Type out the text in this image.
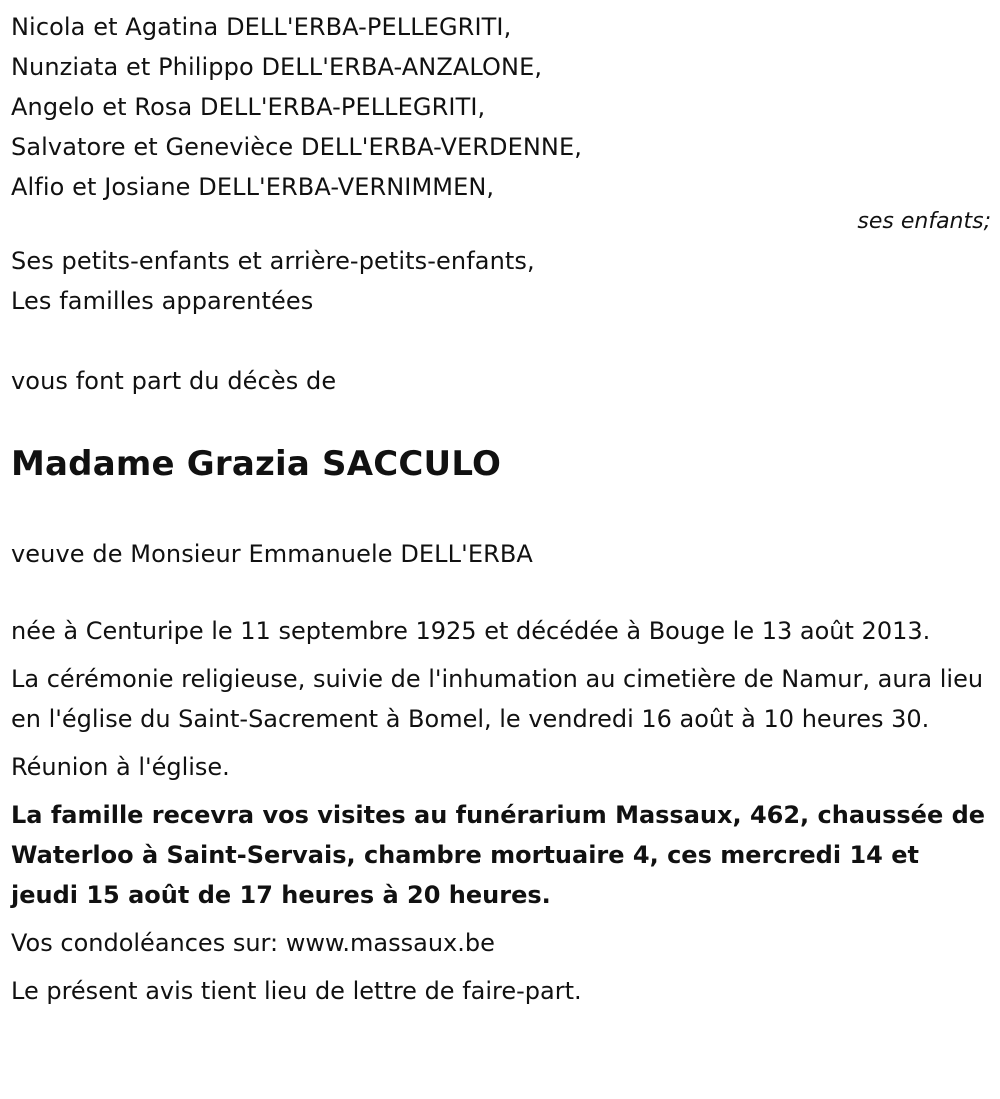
Nicola et Agatina DELL'ERBA-PELLEGRITI,
Nunziata et Philippo DELL'ERBA-ANZALONE,
Angelo et Rosa DELL'ERBA-PELLEGRITI,
Salvatore et Genevièce DELL'ERBA-VERDENNE,
Alfio et Josiane DELL'ERBA-VERNIMMEN,
ses enfants;
Ses petits-enfants et arrière-petits-enfants,
Les familles apparentées
vous font part du décès de
Madame Grazia SACCULO
veuve de Monsieur Emmanuele DELL'ERBA

née à Centuripe le 11 septembre 1925 et décédée à Bouge le 13 août 2013.

La cérémonie religieuse, suivie de l'inhumation au cimetière de Namur, aura lieu en l'église du Saint-Sacrement à Bomel, le vendredi 16 août à 10 heures 30.

Réunion à l'église.

La famille recevra vos visites au funérarium Massaux, 462, chaussée de Waterloo à Saint-Servais, chambre mortuaire 4, ces mercredi 14 et jeudi 15 août de 17 heures à 20 heures.

Vos condoléances sur: www.massaux.be

Le présent avis tient lieu de lettre de faire-part.
